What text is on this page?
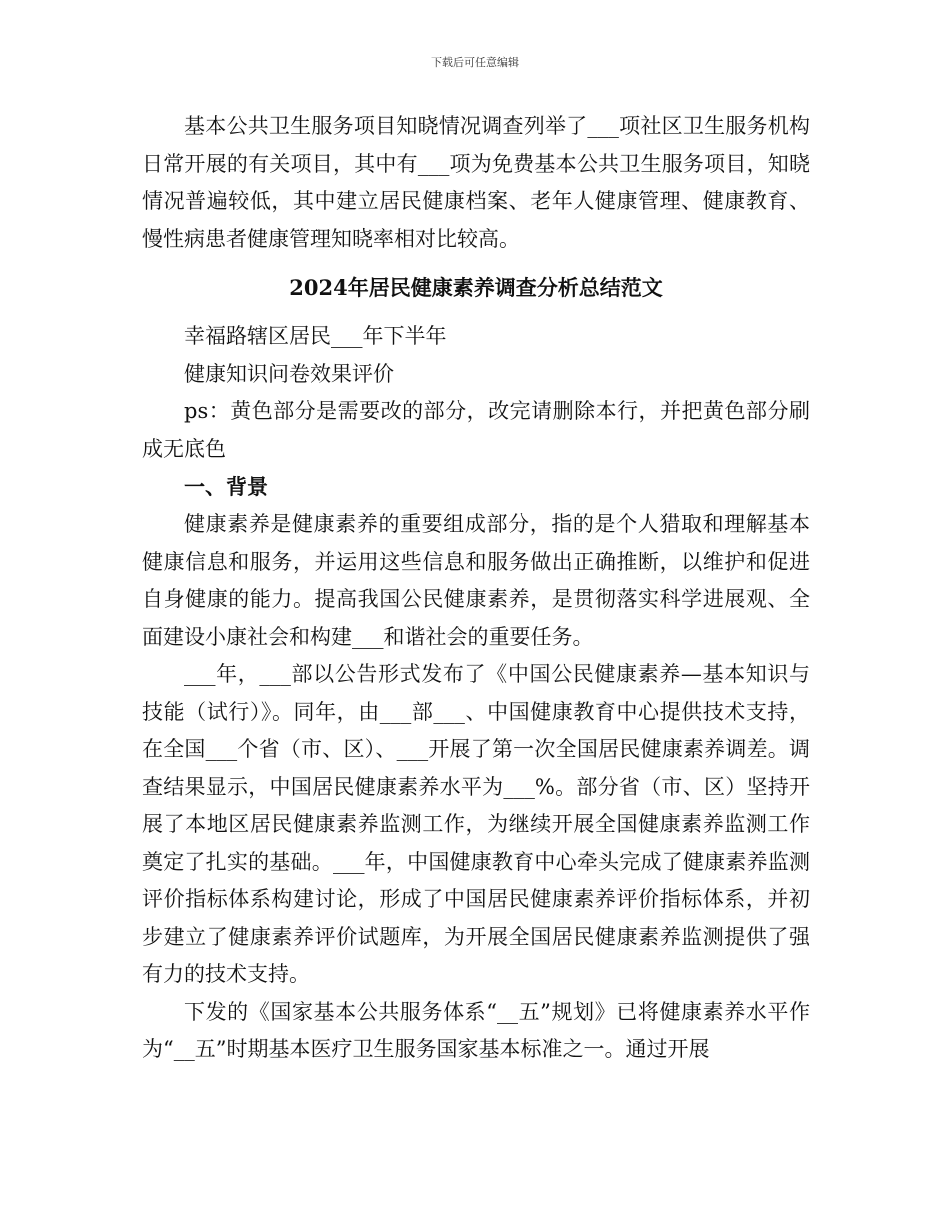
下载后可任意编辑

基本公共卫生服务项目知晓情况调查列举了___项社区卫生服务机构日常开展的有关项目，其中有___项为免费基本公共卫生服务项目，知晓情况普遍较低，其中建立居民健康档案、老年人健康管理、健康教育、慢性病患者健康管理知晓率相对比较高。

2024年居民健康素养调查分析总结范文

幸福路辖区居民___年下半年

健康知识问卷效果评价

ps：黄色部分是需要改的部分，改完请删除本行，并把黄色部分刷成无底色

一、背景

健康素养是健康素养的重要组成部分，指的是个人猎取和理解基本健康信息和服务，并运用这些信息和服务做出正确推断，以维护和促进自身健康的能力。提高我国公民健康素养，是贯彻落实科学进展观、全面建设小康社会和构建___和谐社会的重要任务。

___年，___部以公告形式发布了《中国公民健康素养—基本知识与技能（试行）》。同年，由___部___、中国健康教育中心提供技术支持，在全国___个省（市、区）、___开展了第一次全国居民健康素养调差。调查结果显示，中国居民健康素养水平为___%。部分省（市、区）坚持开展了本地区居民健康素养监测工作，为继续开展全国健康素养监测工作奠定了扎实的基础。___年，中国健康教育中心牵头完成了健康素养监测评价指标体系构建讨论，形成了中国居民健康素养评价指标体系，并初步建立了健康素养评价试题库，为开展全国居民健康素养监测提供了强有力的技术支持。

下发的《国家基本公共服务体系“__五”规划》已将健康素养水平作为“__五”时期基本医疗卫生服务国家基本标准之一。通过开展
